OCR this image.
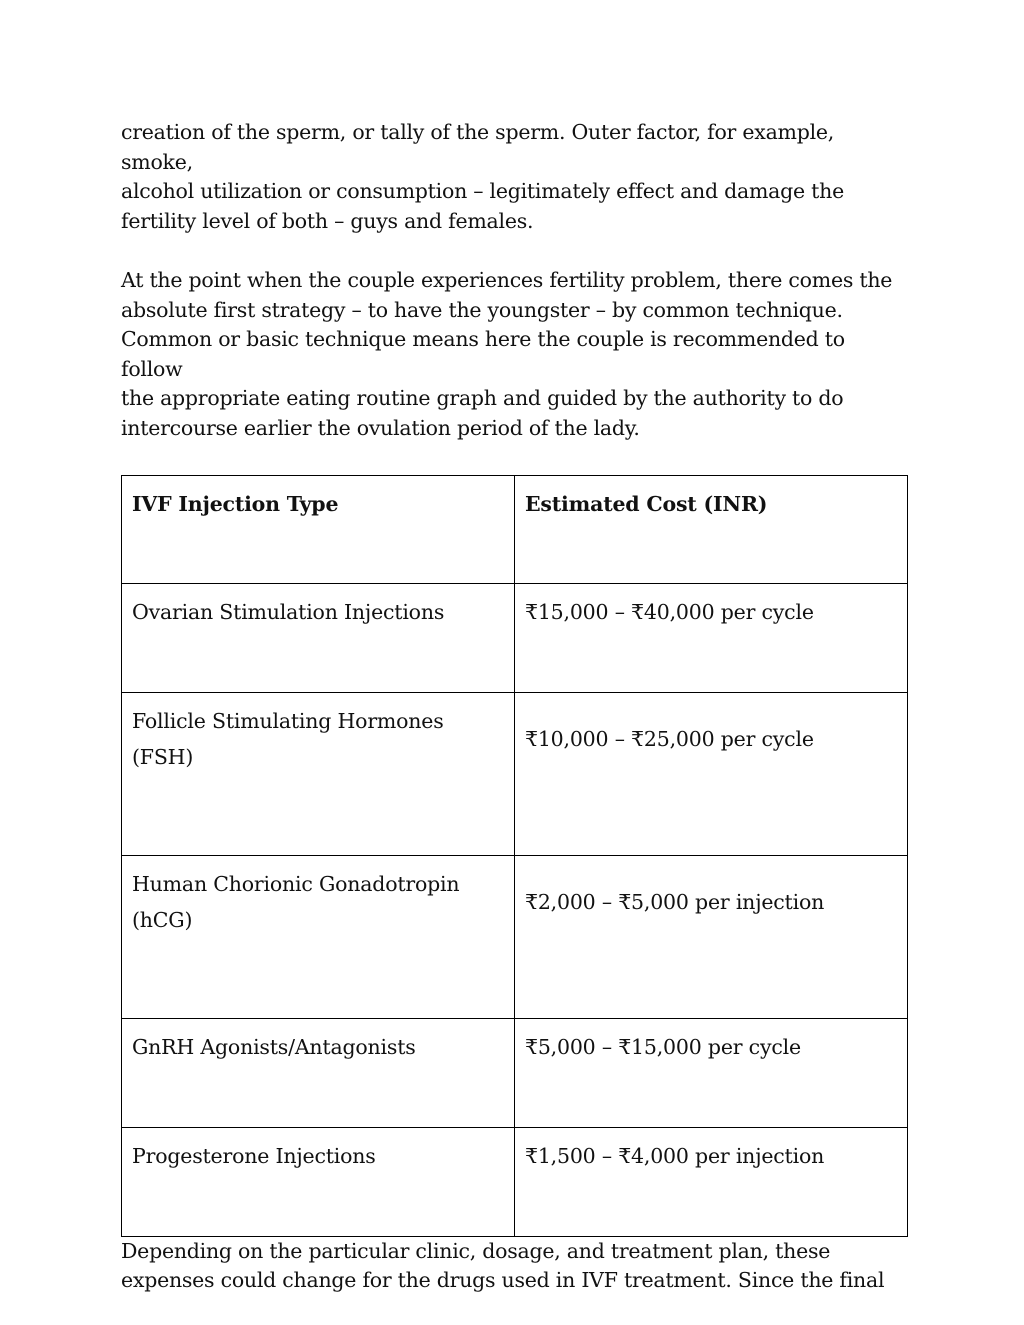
creation of the sperm, or tally of the sperm. Outer factor, for example, smoke,
alcohol utilization or consumption – legitimately effect and damage the
fertility level of both – guys and females.

At the point when the couple experiences fertility problem, there comes the
absolute first strategy – to have the youngster – by common technique.
Common or basic technique means here the couple is recommended to follow
the appropriate eating routine graph and guided by the authority to do
intercourse earlier the ovulation period of the lady.

IVF Injection Type	Estimated Cost (INR)
Ovarian Stimulation Injections	₹15,000 – ₹40,000 per cycle
Follicle Stimulating Hormones (FSH)	₹10,000 – ₹25,000 per cycle
Human Chorionic Gonadotropin (hCG)	₹2,000 – ₹5,000 per injection
GnRH Agonists/Antagonists	₹5,000 – ₹15,000 per cycle
Progesterone Injections	₹1,500 – ₹4,000 per injection

Depending on the particular clinic, dosage, and treatment plan, these
expenses could change for the drugs used in IVF treatment. Since the final
